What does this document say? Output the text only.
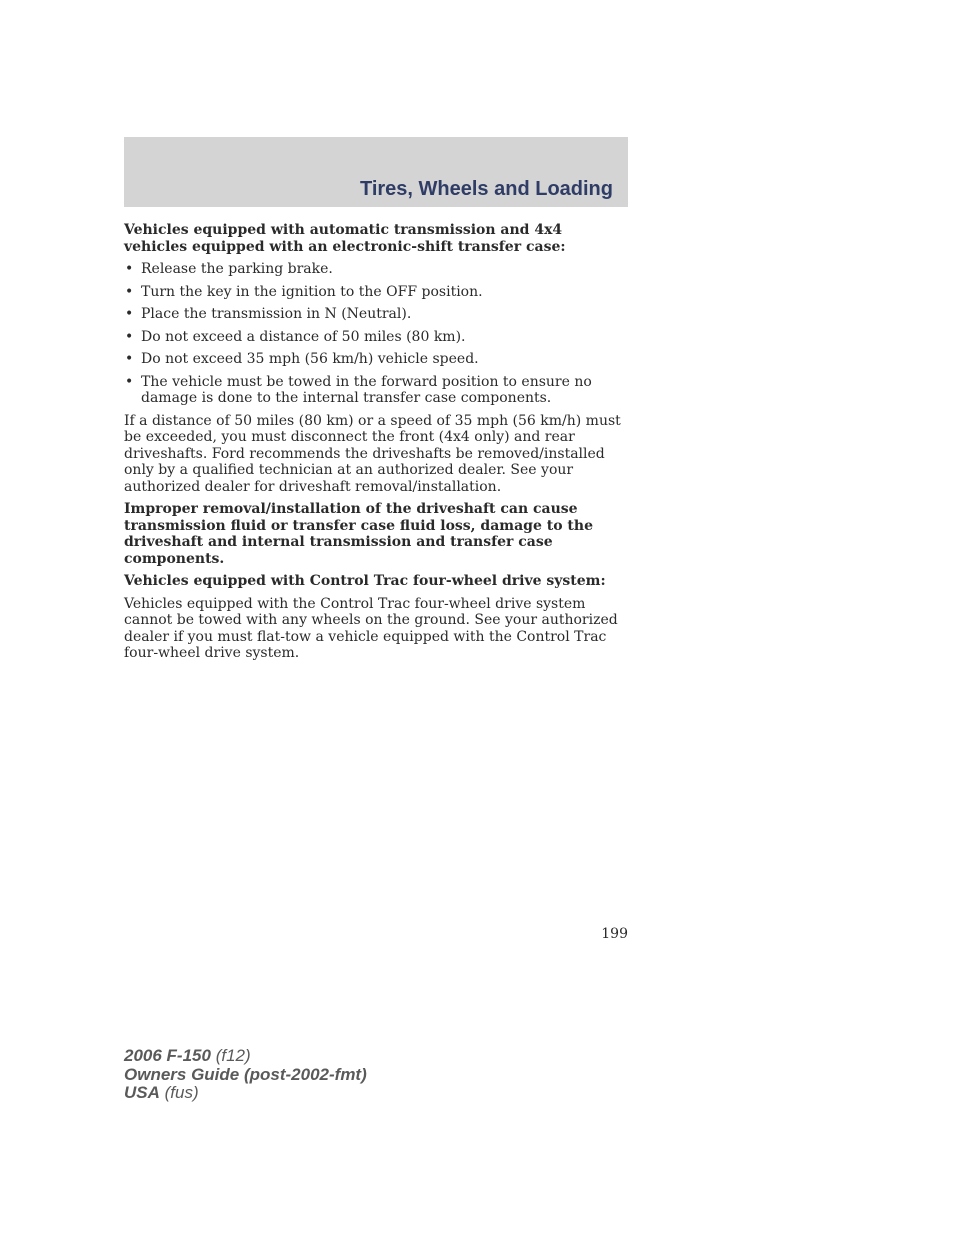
Tires, Wheels and Loading

Vehicles equipped with automatic transmission and 4x4 vehicles equipped with an electronic-shift transfer case:

• Release the parking brake.
• Turn the key in the ignition to the OFF position.
• Place the transmission in N (Neutral).
• Do not exceed a distance of 50 miles (80 km).
• Do not exceed 35 mph (56 km/h) vehicle speed.
• The vehicle must be towed in the forward position to ensure no damage is done to the internal transfer case components.

If a distance of 50 miles (80 km) or a speed of 35 mph (56 km/h) must be exceeded, you must disconnect the front (4x4 only) and rear driveshafts. Ford recommends the driveshafts be removed/installed only by a qualified technician at an authorized dealer. See your authorized dealer for driveshaft removal/installation.

Improper removal/installation of the driveshaft can cause transmission fluid or transfer case fluid loss, damage to the driveshaft and internal transmission and transfer case components.

Vehicles equipped with Control Trac four-wheel drive system:

Vehicles equipped with the Control Trac four-wheel drive system cannot be towed with any wheels on the ground. See your authorized dealer if you must flat-tow a vehicle equipped with the Control Trac four-wheel drive system.

199
2006 F-150 (f12)
Owners Guide (post-2002-fmt)
USA (fus)
